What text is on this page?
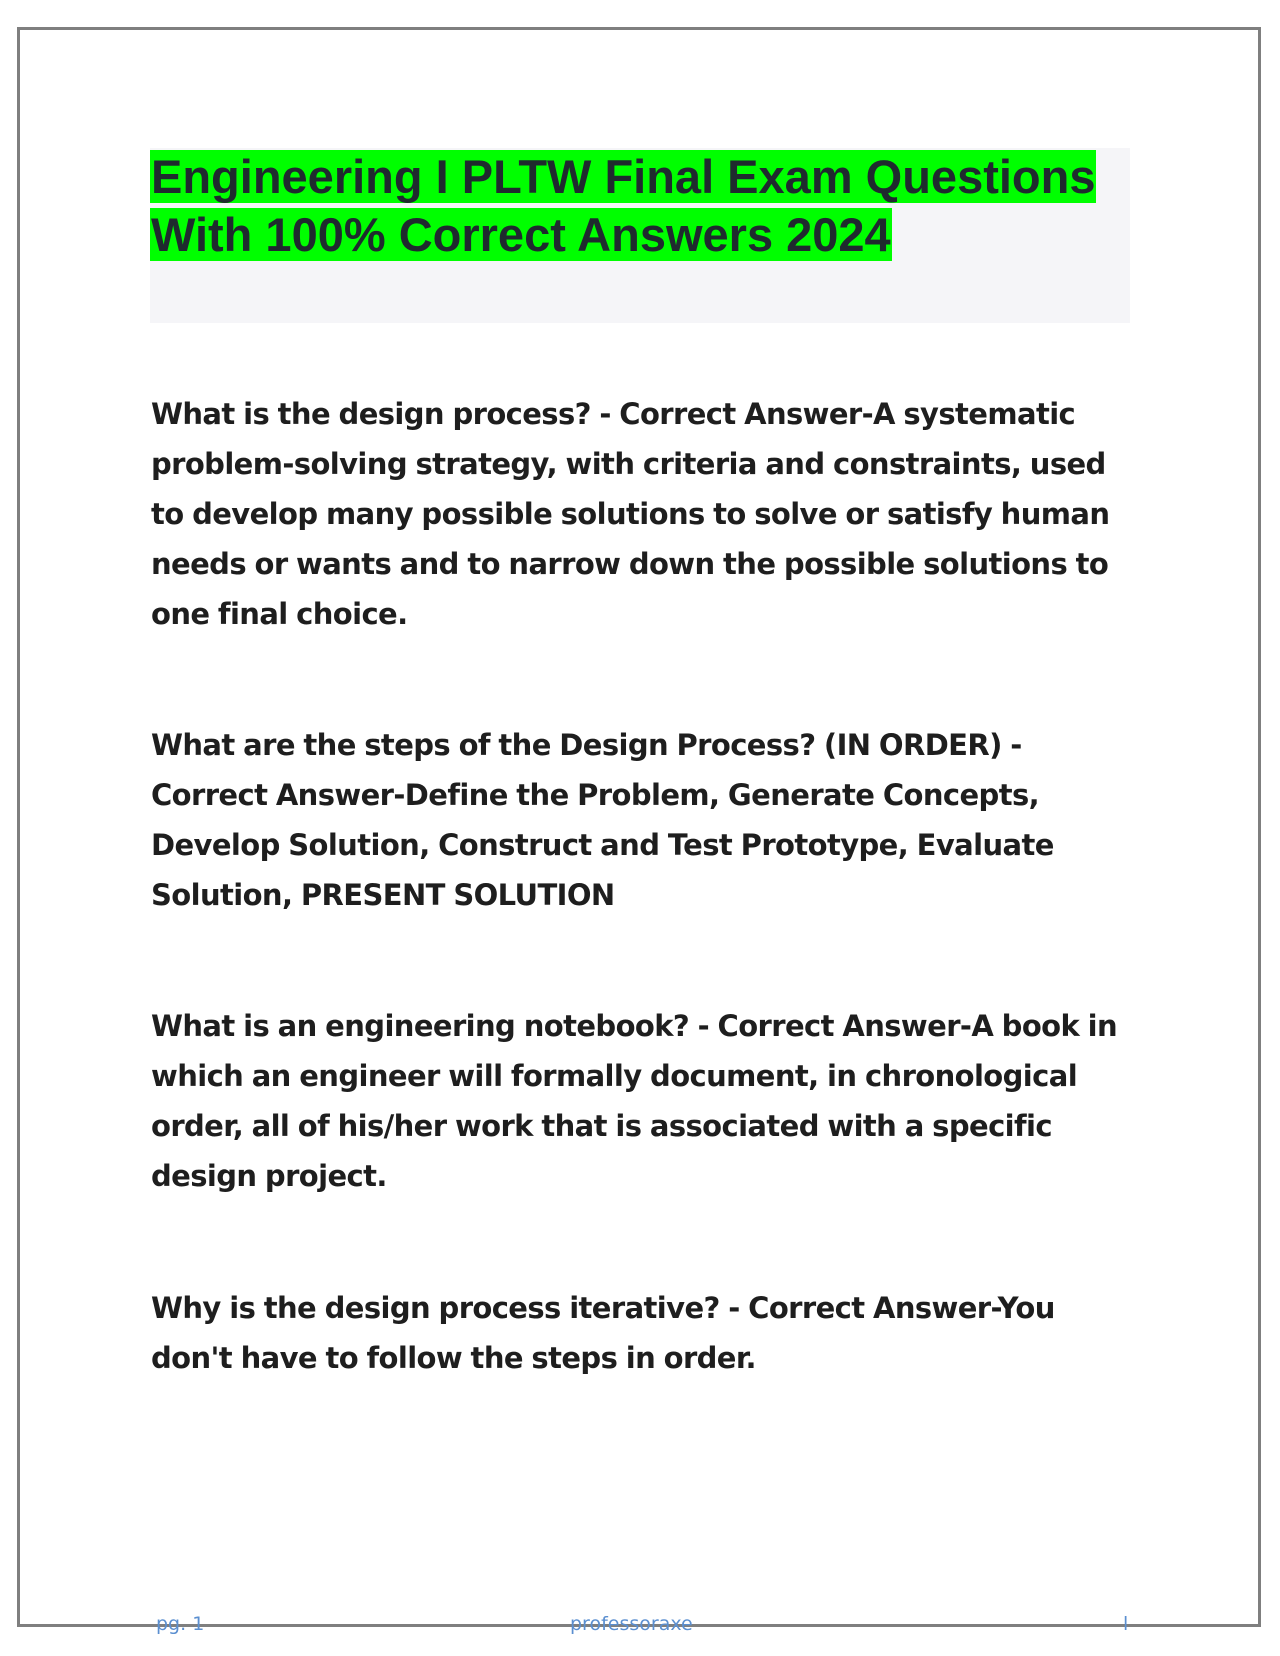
Engineering I PLTW Final Exam Questions With 100% Correct Answers 2024

What is the design process? - Correct Answer-A systematic problem-solving strategy, with criteria and constraints, used to develop many possible solutions to solve or satisfy human needs or wants and to narrow down the possible solutions to one final choice.

What are the steps of the Design Process? (IN ORDER) - Correct Answer-Define the Problem, Generate Concepts, Develop Solution, Construct and Test Prototype, Evaluate Solution, PRESENT SOLUTION

What is an engineering notebook? - Correct Answer-A book in which an engineer will formally document, in chronological order, all of his/her work that is associated with a specific design project.

Why is the design process iterative? - Correct Answer-You don't have to follow the steps in order.

pg. 1	professoraxe	l
